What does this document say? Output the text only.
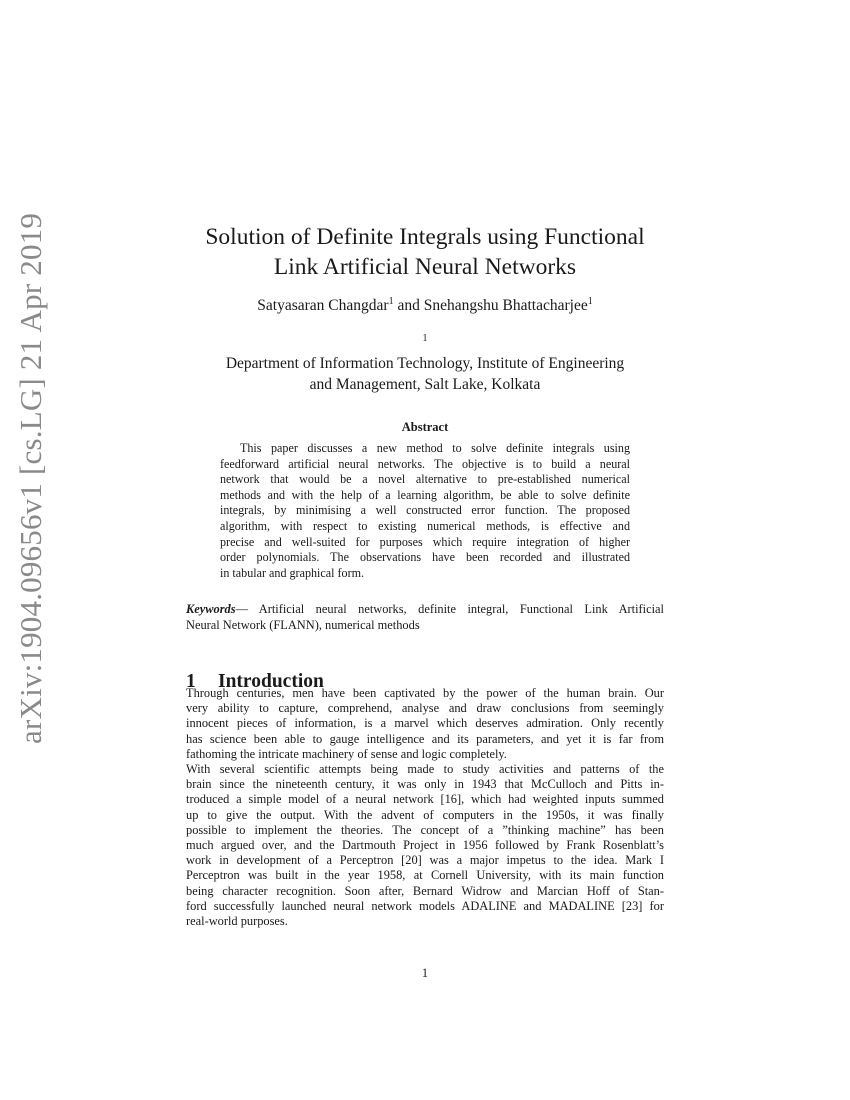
arXiv:1904.09656v1 [cs.LG] 21 Apr 2019	Solution of Definite Integrals using Functional
Link Artificial Neural Networks
Satyasaran Changdar$^1$ and Snehangshu Bhattacharjee$^1$
$^1$
Department of Information Technology, Institute of Engineering
and Management, Salt Lake, Kolkata
Abstract
This paper discusses a new method to solve definite integrals using
feedforward artificial neural networks. The objective is to build a neural
network that would be a novel alternative to pre-established numerical
methods and with the help of a learning algorithm, be able to solve definite
integrals, by minimising a well constructed error function. The proposed
algorithm, with respect to existing numerical methods, is effective and
precise and well-suited for purposes which require integration of higher
order polynomials. The observations have been recorded and illustrated
in tabular and graphical form.
Keywords— Artificial neural networks, definite integral, Functional Link Artificial
Neural Network (FLANN), numerical methods
1 Introduction
Through centuries, men have been captivated by the power of the human brain. Our
very ability to capture, comprehend, analyse and draw conclusions from seemingly
innocent pieces of information, is a marvel which deserves admiration. Only recently
has science been able to gauge intelligence and its parameters, and yet it is far from
fathoming the intricate machinery of sense and logic completely.
With several scientific attempts being made to study activities and patterns of the
brain since the nineteenth century, it was only in 1943 that McCulloch and Pitts in-
troduced a simple model of a neural network [16], which had weighted inputs summed
up to give the output. With the advent of computers in the 1950s, it was finally
possible to implement the theories. The concept of a ”thinking machine” has been
much argued over, and the Dartmouth Project in 1956 followed by Frank Rosenblatt’s
work in development of a Perceptron [20] was a major impetus to the idea. Mark I
Perceptron was built in the year 1958, at Cornell University, with its main function
being character recognition. Soon after, Bernard Widrow and Marcian Hoff of Stan-
ford successfully launched neural network models ADALINE and MADALINE [23] for
real-world purposes.
1
